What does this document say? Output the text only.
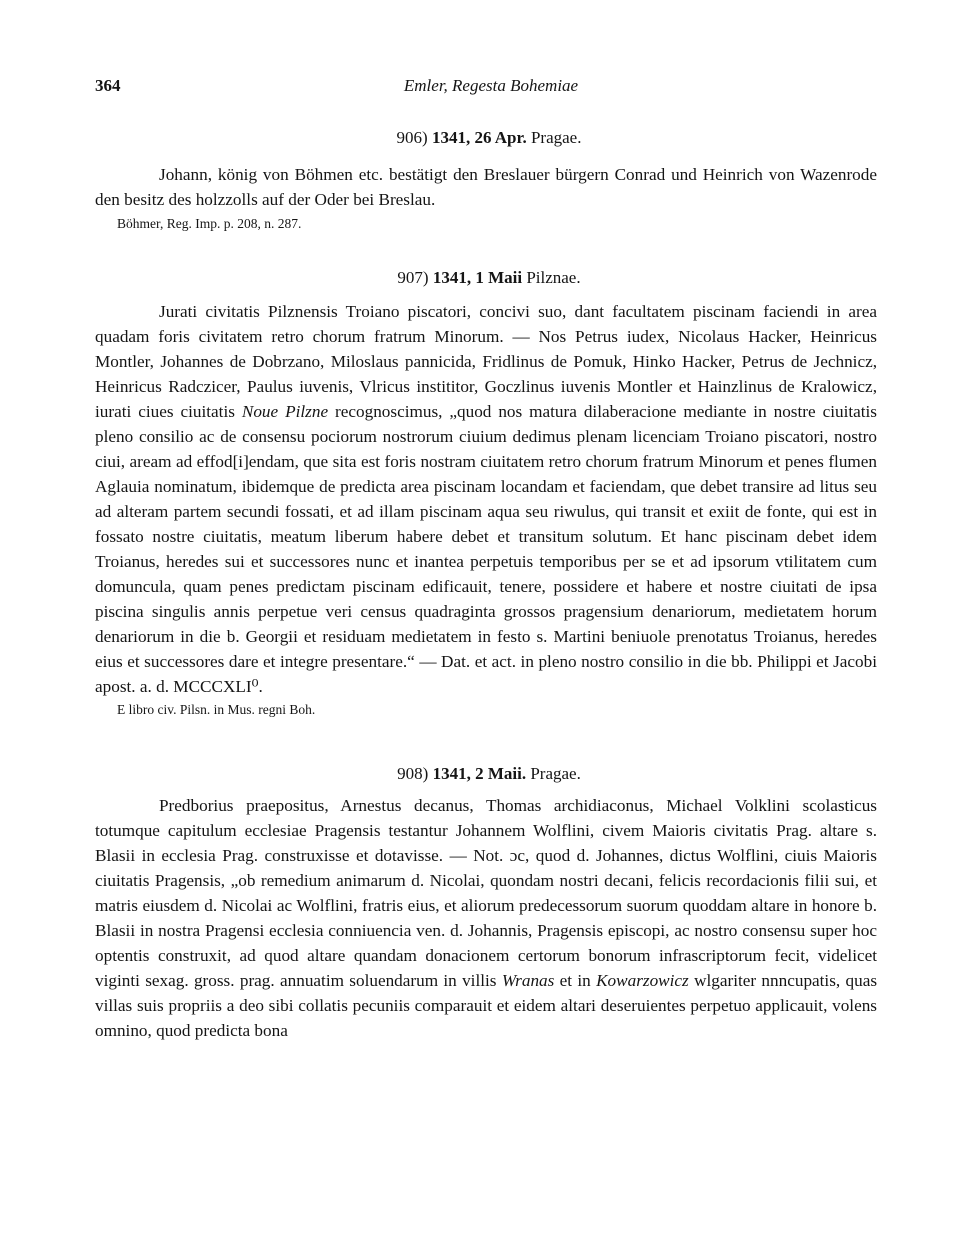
364	Emler, Regesta Bohemiae
906) 1341, 26 Apr. Pragae.

Johann, könig von Böhmen etc. bestätigt den Breslauer bürgern Conrad und Heinrich von Wazenrode den besitz des holzzolls auf der Oder bei Breslau.

Böhmer, Reg. Imp. p. 208, n. 287.
907) 1341, 1 Maii Pilznae.

Jurati civitatis Pilznensis Troiano piscatori, concivi suo, dant facultatem piscinam faciendi in area quadam foris civitatem retro chorum fratrum Minorum. — Nos Petrus iudex, Nicolaus Hacker, Heinricus Montler, Johannes de Dobrzano, Miloslaus pannicida, Fridlinus de Pomuk, Hinko Hacker, Petrus de Jechnicz, Heinricus Radczicer, Paulus iuvenis, Vlricus instititor, Goczlinus iuvenis Montler et Hainzlinus de Kralowicz, iurati ciues ciuitatis Noue Pilzne recognoscimus, „quod nos matura dilaberacione mediante in nostre ciuitatis pleno consilio ac de consensu pociorum nostrorum ciuium dedimus plenam licenciam Troiano piscatori, nostro ciui, aream ad effod[i]endam, que sita est foris nostram ciuitatem retro chorum fratrum Minorum et penes flumen Aglauia nominatum, ibidemque de predicta area piscinam locandam et faciendam, que debet transire ad litus seu ad alteram partem secundi fossati, et ad illam piscinam aqua seu riwulus, qui transit et exiit de fonte, qui est in fossato nostre ciuitatis, meatum liberum habere debet et transitum solutum. Et hanc piscinam debet idem Troianus, heredes sui et successores nunc et inantea perpetuis temporibus per se et ad ipsorum vtilitatem cum domuncula, quam penes predictam piscinam edificauit, tenere, possidere et habere et nostre ciuitati de ipsa piscina singulis annis perpetue veri census quadraginta grossos pragensium denariorum, medietatem horum denariorum in die b. Georgii et residuam medietatem in festo s. Martini beniuole prenotatus Troianus, heredes eius et successores dare et integre presentare.“ — Dat. et act. in pleno nostro consilio in die bb. Philippi et Jacobi apost. a. d. MCCCXLI⁰.

E libro civ. Pilsn. in Mus. regni Boh.
908) 1341, 2 Maii. Pragae.

Predborius praepositus, Arnestus decanus, Thomas archidiaconus, Michael Volklini scolasticus totumque capitulum ecclesiae Pragensis testantur Johannem Wolflini, civem Maioris civitatis Prag. altare s. Blasii in ecclesia Prag. construxisse et dotavisse. — Not. ɔc, quod d. Johannes, dictus Wolflini, ciuis Maioris ciuitatis Pragensis, „ob remedium animarum d. Nicolai, quondam nostri decani, felicis recordacionis filii sui, et matris eiusdem d. Nicolai ac Wolflini, fratris eius, et aliorum predecessorum suorum quoddam altare in honore b. Blasii in nostra Pragensi ecclesia conniuencia ven. d. Johannis, Pragensis episcopi, ac nostro consensu super hoc optentis construxit, ad quod altare quandam donacionem certorum bonorum infrascriptorum fecit, videlicet viginti sexag. gross. prag. annuatim soluendarum in villis Wranas et in Kowarzowicz wlgariter nnncupatis, quas villas suis propriis a deo sibi collatis pecuniis comparauit et eidem altari deseruientes perpetuo applicauit, volens omnino, quod predicta bona
